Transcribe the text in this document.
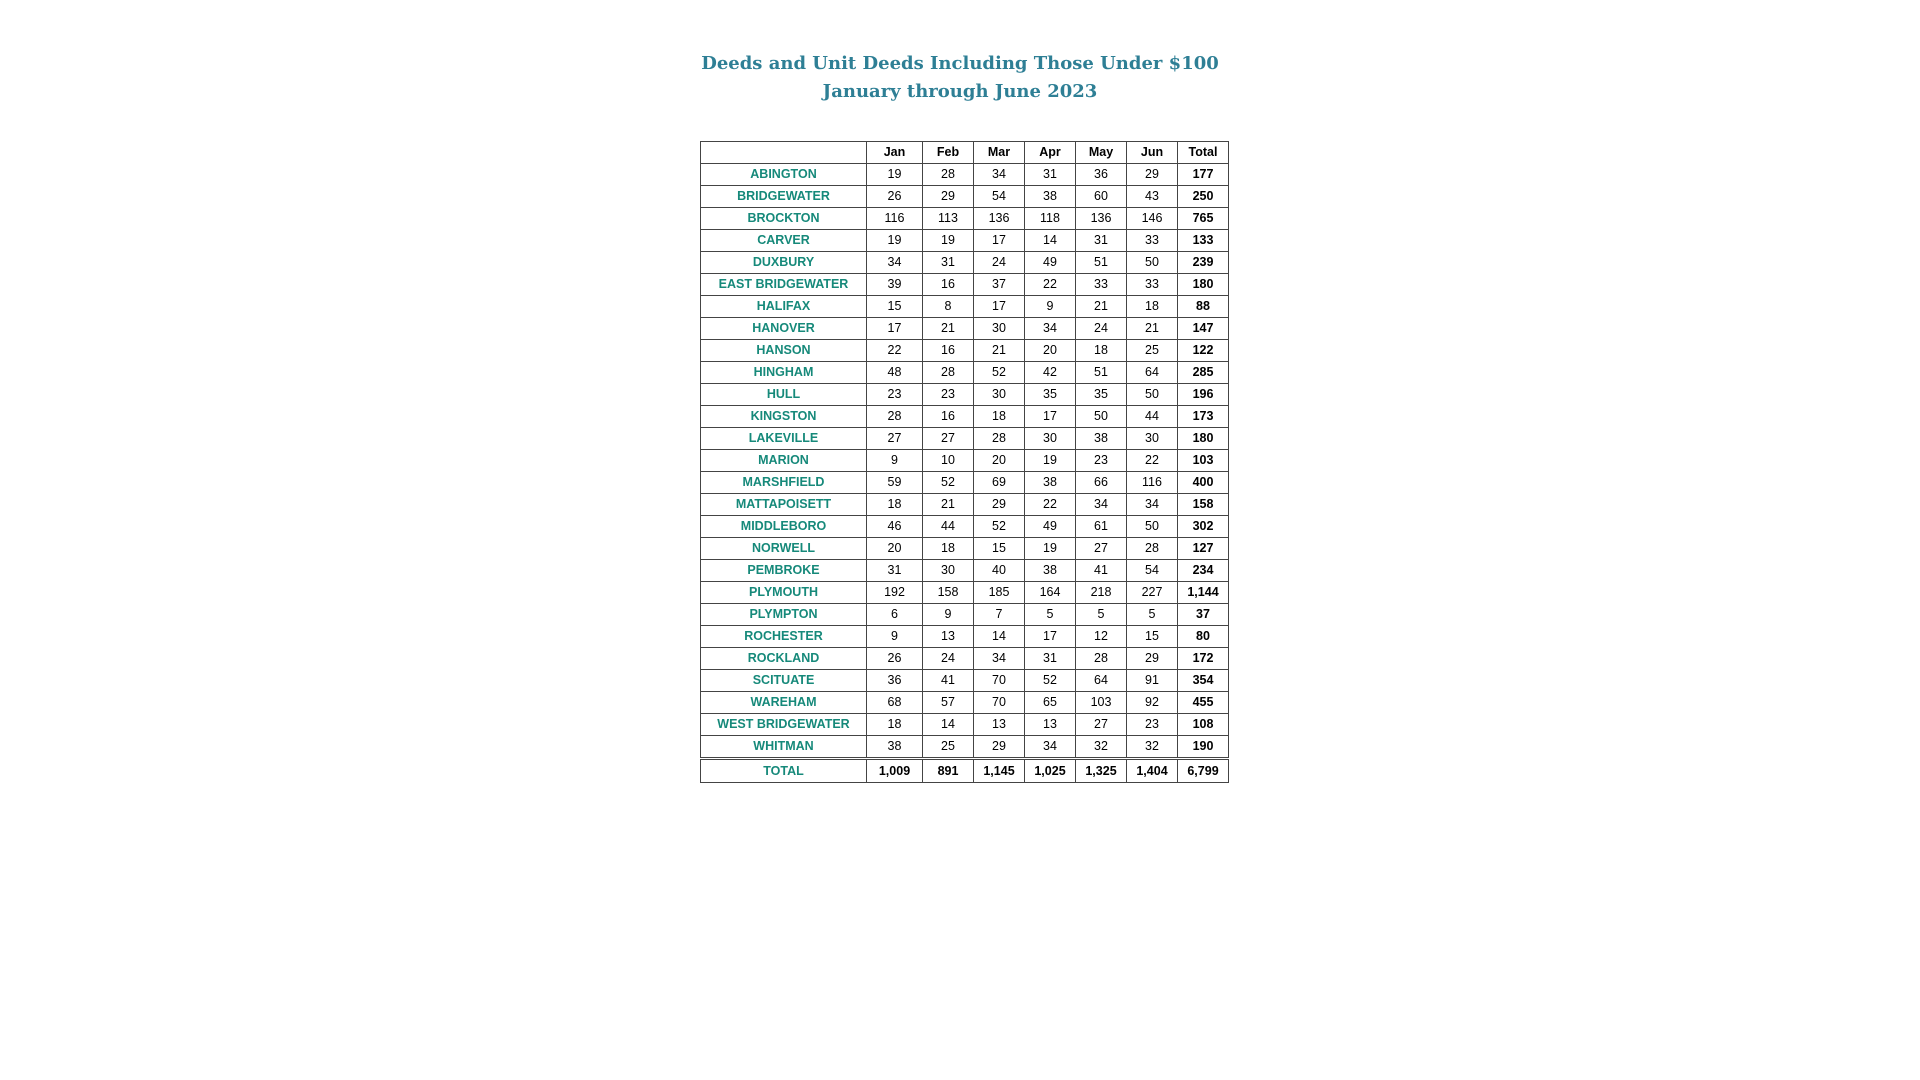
Deeds and Unit Deeds Including Those Under $100
January through June 2023
	Jan	Feb	Mar	Apr	May	Jun	Total
ABINGTON	19	28	34	31	36	29	177
BRIDGEWATER	26	29	54	38	60	43	250
BROCKTON	116	113	136	118	136	146	765
CARVER	19	19	17	14	31	33	133
DUXBURY	34	31	24	49	51	50	239
EAST BRIDGEWATER	39	16	37	22	33	33	180
HALIFAX	15	8	17	9	21	18	88
HANOVER	17	21	30	34	24	21	147
HANSON	22	16	21	20	18	25	122
HINGHAM	48	28	52	42	51	64	285
HULL	23	23	30	35	35	50	196
KINGSTON	28	16	18	17	50	44	173
LAKEVILLE	27	27	28	30	38	30	180
MARION	9	10	20	19	23	22	103
MARSHFIELD	59	52	69	38	66	116	400
MATTAPOISETT	18	21	29	22	34	34	158
MIDDLEBORO	46	44	52	49	61	50	302
NORWELL	20	18	15	19	27	28	127
PEMBROKE	31	30	40	38	41	54	234
PLYMOUTH	192	158	185	164	218	227	1,144
PLYMPTON	6	9	7	5	5	5	37
ROCHESTER	9	13	14	17	12	15	80
ROCKLAND	26	24	34	31	28	29	172
SCITUATE	36	41	70	52	64	91	354
WAREHAM	68	57	70	65	103	92	455
WEST BRIDGEWATER	18	14	13	13	27	23	108
WHITMAN	38	25	29	34	32	32	190
TOTAL	1,009	891	1,145	1,025	1,325	1,404	6,799
